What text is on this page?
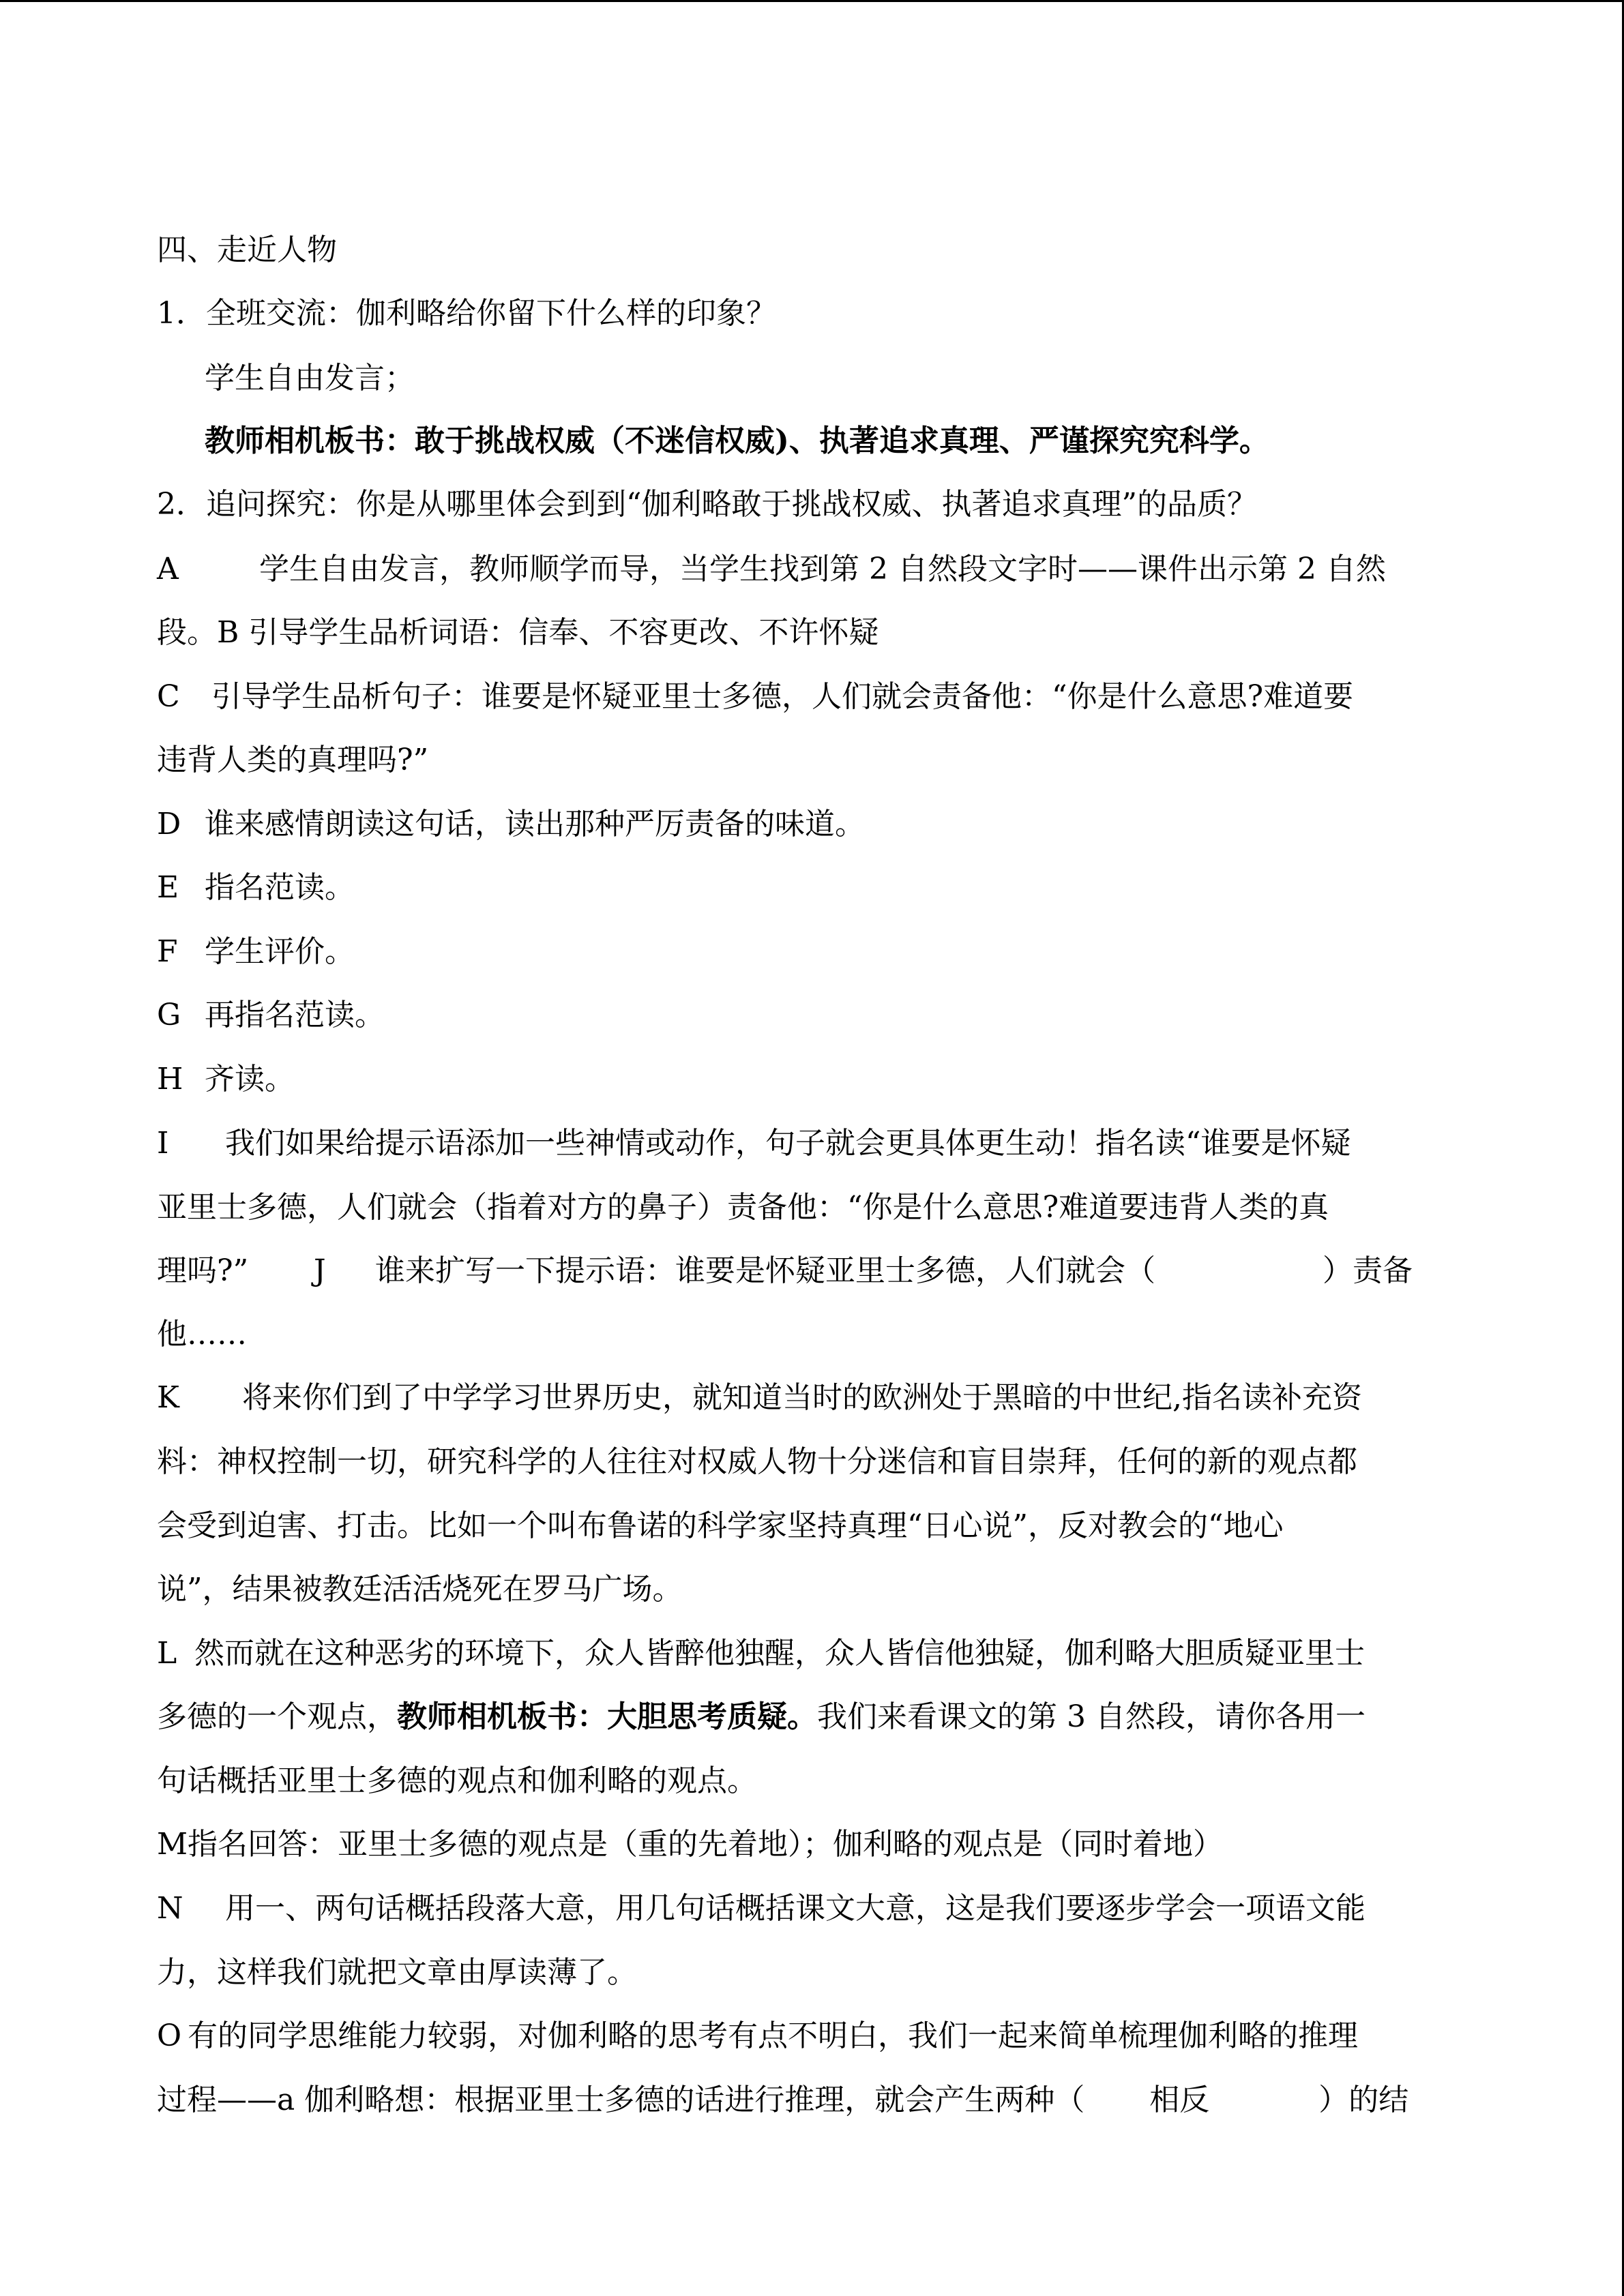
四、走近人物
1．全班交流：伽利略给你留下什么样的印象？
学生自由发言；
教师相机板书：敢于挑战权威（不迷信权威)、执著追求真理、严谨探究究科学。
2．追问探究：你是从哪里体会到到“伽利略敢于挑战权威、执著追求真理”的品质？
A	学生自由发言，教师顺学而导，当学生找到第 2 自然段文字时——课件出示第 2 自然
段。B 引导学生品析词语：信奉、不容更改、不许怀疑
C 引导学生品析句子：谁要是怀疑亚里士多德，人们就会责备他：“你是什么意思?难道要
违背人类的真理吗?”
D 谁来感情朗读这句话，读出那种严厉责备的味道。
E 指名范读。
F 学生评价。
G 再指名范读。
H 齐读。
I 我们如果给提示语添加一些神情或动作，句子就会更具体更生动！指名读“谁要是怀疑
亚里士多德，人们就会（指着对方的鼻子）责备他：“你是什么意思?难道要违背人类的真
理吗?” J 谁来扩写一下提示语：谁要是怀疑亚里士多德，人们就会（	）责备
他……
K 将来你们到了中学学习世界历史，就知道当时的欧洲处于黑暗的中世纪,指名读补充资
料：神权控制一切，研究科学的人往往对权威人物十分迷信和盲目崇拜，任何的新的观点都
会受到迫害、打击。比如一个叫布鲁诺的科学家坚持真理“日心说”，反对教会的“地心
说”，结果被教廷活活烧死在罗马广场。
L 然而就在这种恶劣的环境下，众人皆醉他独醒，众人皆信他独疑，伽利略大胆质疑亚里士
多德的一个观点，教师相机板书：大胆思考质疑。我们来看课文的第 3 自然段，请你各用一
句话概括亚里士多德的观点和伽利略的观点。
M指名回答：亚里士多德的观点是（重的先着地）；伽利略的观点是（同时着地）
N 用一、两句话概括段落大意，用几句话概括课文大意，这是我们要逐步学会一项语文能
力，这样我们就把文章由厚读薄了。
O 有的同学思维能力较弱，对伽利略的思考有点不明白，我们一起来简单梳理伽利略的推理
过程——a 伽利略想：根据亚里士多德的话进行推理，就会产生两种（ 相反	）的结
